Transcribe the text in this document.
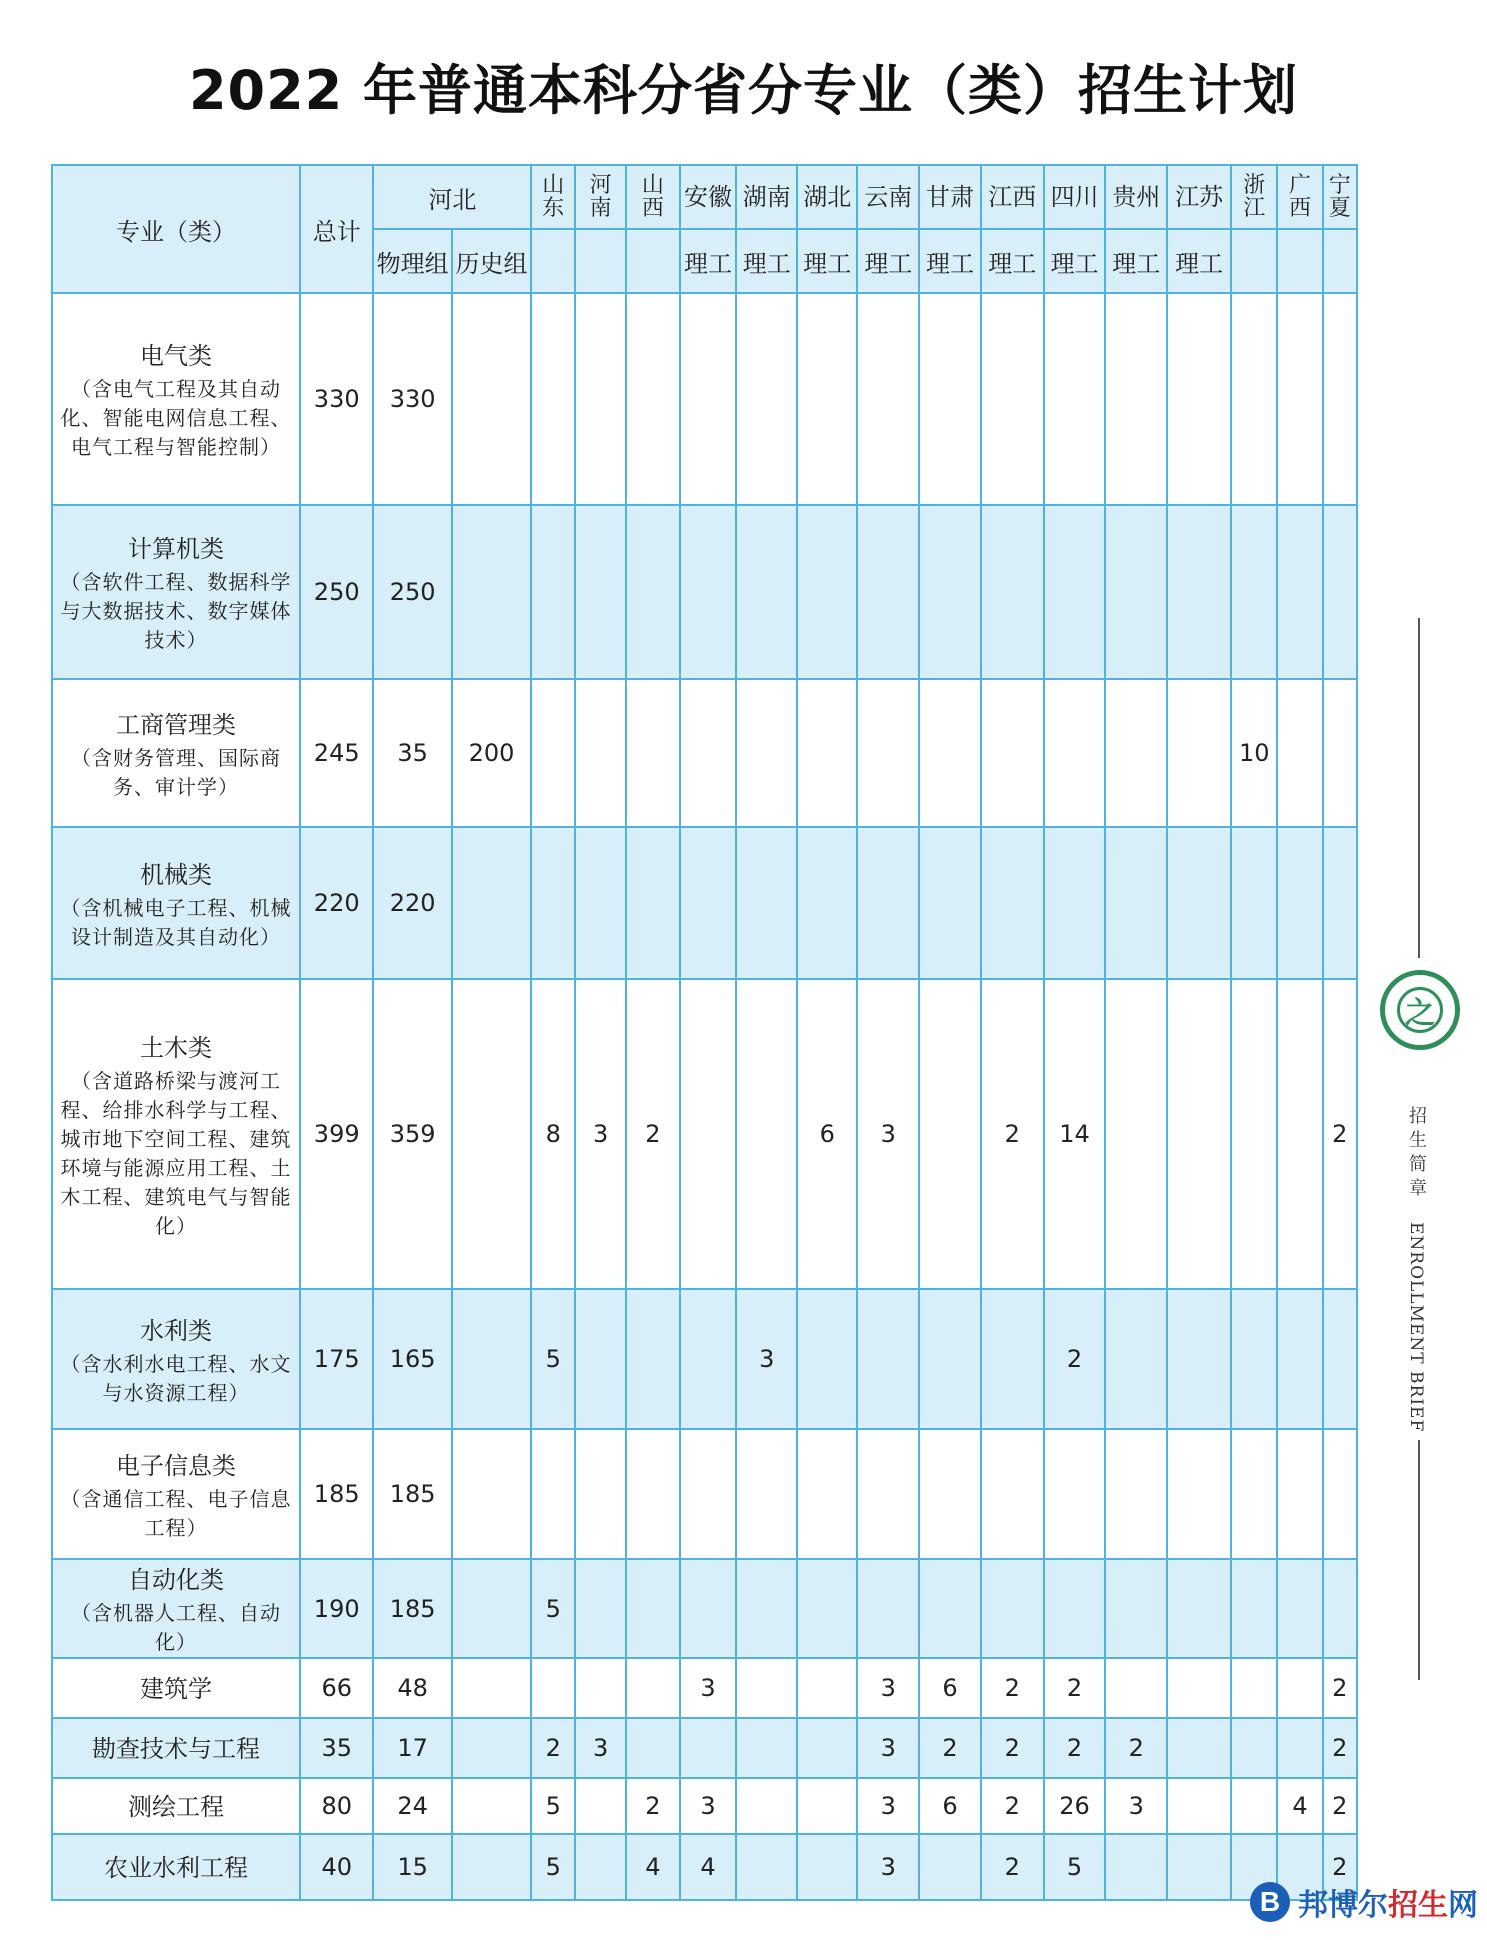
2022 年普通本科分省分专业（类）招生计划
专业（类）	总计	河北		山东	河南	山西	安徽	湖南	湖北	云南	甘肃	江西	四川	贵州	江苏	浙江	广西	宁夏
		物理组	历史组				理工	理工	理工	理工	理工	理工	理工	理工	理工			

电气类
（含电气工程及其自动化、智能电网信息工程、电气工程与智能控制）	330	330																

计算机类
（含软件工程、数据科学与大数据技术、数字媒体技术）	250	250																

工商管理类
（含财务管理、国际商务、审计学）	245	35	200													10		

机械类
（含机械电子工程、机械设计制造及其自动化）	220	220																

土木类
（含道路桥梁与渡河工程、给排水科学与工程、城市地下空间工程、建筑环境与能源应用工程、土木工程、建筑电气与智能化）	399	359		8	3	2			6	3		2	14					2

水利类
（含水利水电工程、水文与水资源工程）	175	165		5				3					2					

电子信息类
（含通信工程、电子信息工程）	185	185																

自动化类
（含机器人工程、自动化）	190	185		5														

建筑学	66	48					3			3	6	2	2					2

勘查技术与工程	35	17		2	3					3	2	2	2	2				2

测绘工程	80	24		5		2	3			3	6	2	26	3			4	2

农业水利工程	40	15		5		4	4			3		2	5					2
之
招生简章
ENROLLMENT BRIEF
B 邦博尔招生网
